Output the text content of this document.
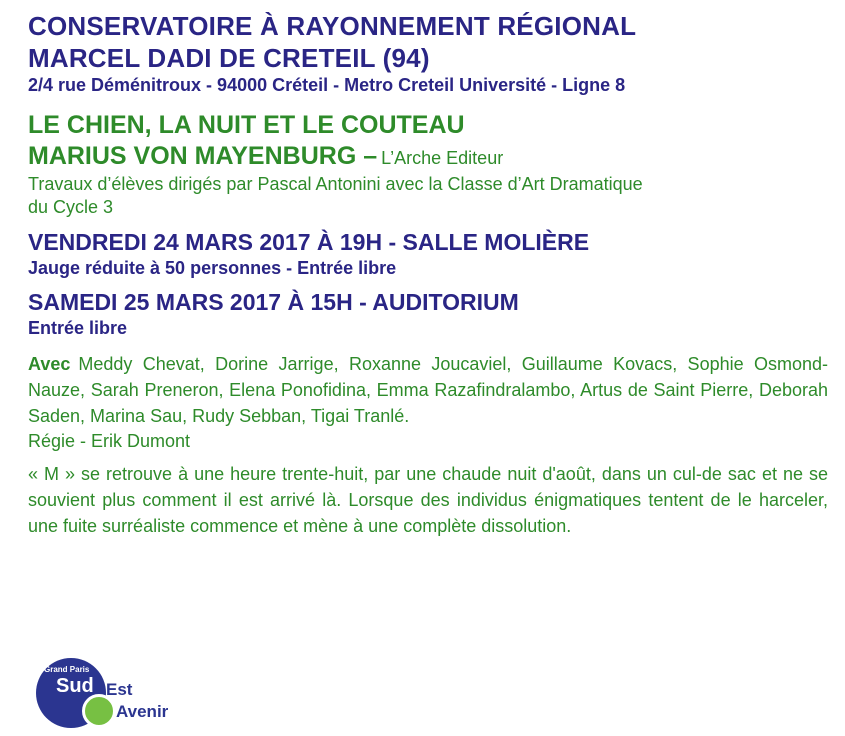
CONSERVATOIRE À RAYONNEMENT RÉGIONAL
MARCEL DADI DE CRETEIL (94)
2/4 rue Déménitroux - 94000 Créteil - Metro Creteil Université - Ligne 8
LE CHIEN, LA NUIT ET LE COUTEAU
MARIUS VON MAYENBURG – L’Arche Editeur
Travaux d’élèves dirigés par Pascal Antonini avec la Classe d’Art Dramatique
du Cycle 3
VENDREDI 24 MARS 2017 À 19H - SALLE MOLIÈRE
Jauge réduite à 50 personnes - Entrée libre
SAMEDI 25 MARS 2017 À 15H - AUDITORIUM
Entrée libre
Avec Meddy Chevat, Dorine Jarrige, Roxanne Joucaviel, Guillaume Kovacs, Sophie Osmond-Nauze, Sarah Preneron, Elena Ponofidina, Emma Razafindralambo, Artus de Saint Pierre, Deborah Saden, Marina Sau, Rudy Sebban, Tigai Tranlé.
Régie - Erik Dumont
« M » se retrouve à une heure trente-huit, par une chaude nuit d'août, dans un cul-de sac et ne se souvient plus comment il est arrivé là. Lorsque des individus énigmatiques tentent de le harceler, une fuite surréaliste commence et mène à une complète dissolution.
Grand Paris
Sud Est
Avenir
